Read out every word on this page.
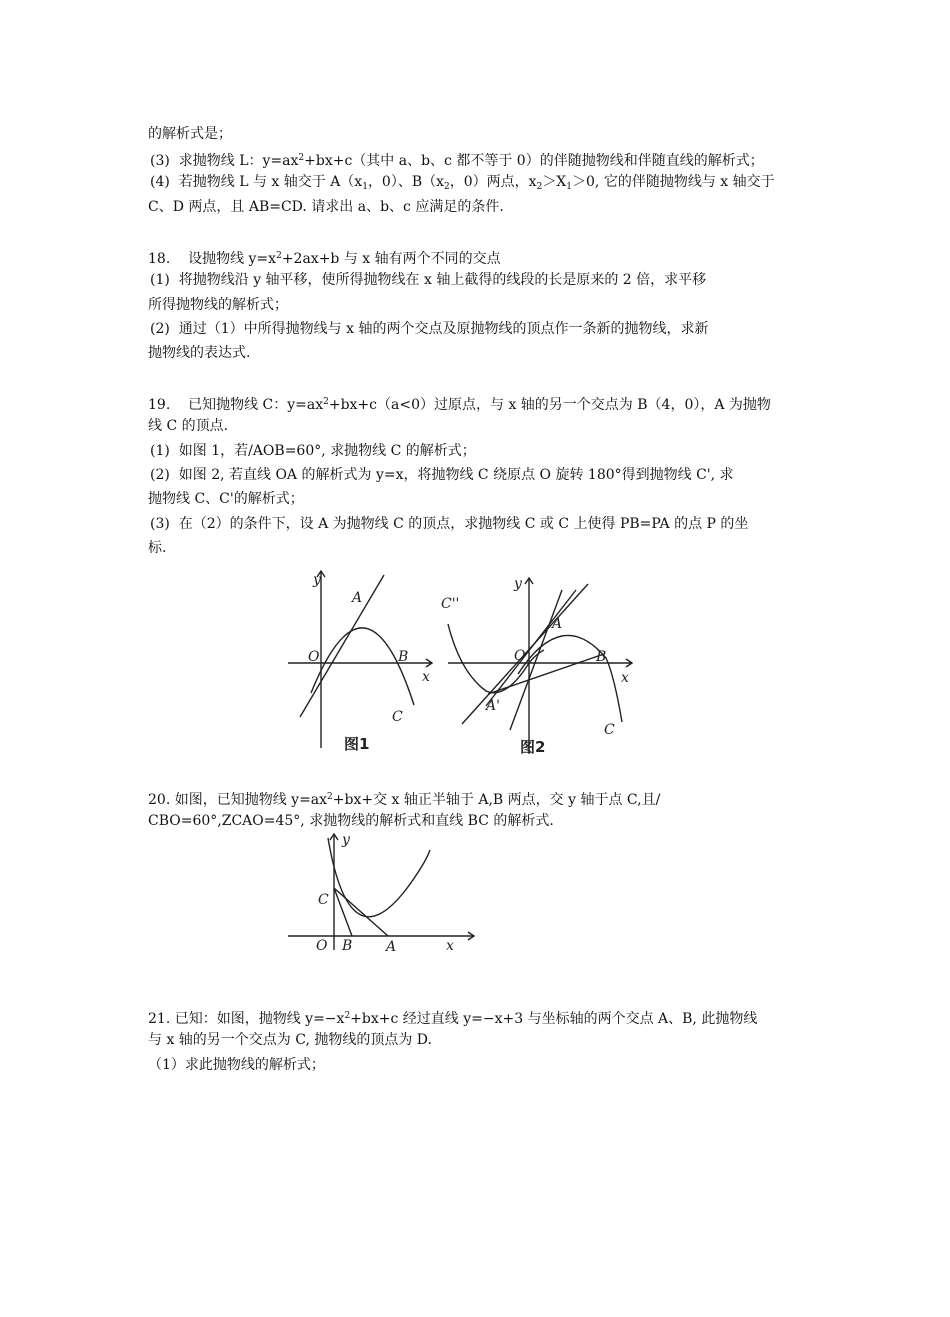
的解析式是；
(3) 求抛物线 L：$y=ax^2+bx+c$（其中 a、b、c 都不等于 0）的伴随抛物线和伴随直线的解析式；
(4) 若抛物线 L 与 x 轴交于 $A(x_1$，0）、$B(x_2$，0）两点，$x_2>X_1>0$, 它的伴随抛物线与 x 轴交于
C、D 两点，且 AB=CD. 请求出 a、b、c 应满足的条件.
18. 设抛物线 $y=x^2+2ax+b$ 与 x 轴有两个不同的交点
(1) 将抛物线沿 y 轴平移，使所得抛物线在 x 轴上截得的线段的长是原来的 2 倍，求平移
所得抛物线的解析式；
(2) 通过（1）中所得抛物线与 x 轴的两个交点及原抛物线的顶点作一条新的抛物线，求新
抛物线的表达式.
19. 已知抛物线 C：$y=ax^2+bx+c(a<0)$过原点，与 x 轴的另一个交点为 B（4，0），A 为抛物
线 C 的顶点.
(1) 如图 1，若/AOB=60°, 求抛物线 C 的解析式；
(2) 如图 2, 若直线 OA 的解析式为 y=x，将抛物线 C 绕原点 O 旋转 180°得到抛物线 C', 求
抛物线 C、C'的解析式；
(3) 在（2）的条件下，设 A 为抛物线 C 的顶点，求抛物线 C 或 C 上使得 PB=PA 的点 P 的坐
标.
20. 如图，已知抛物线 $y=ax^2+bx+$交 x 轴正半轴于 A,B 两点，交 y 轴于点 C,且/
CBO=60°,ZCAO=45°, 求抛物线的解析式和直线 BC 的解析式.
21. 已知：如图，抛物线 $y=-x^2+bx+c$ 经过直线 y=−x+3 与坐标轴的两个交点 A、B, 此抛物线
与 x 轴的另一个交点为 C, 抛物线的顶点为 D.
（1）求此抛物线的解析式；
y
A
O	B
x
C
图1
y
C''
A
O	B
x
A'
C
图2
y
C
O B A	x
